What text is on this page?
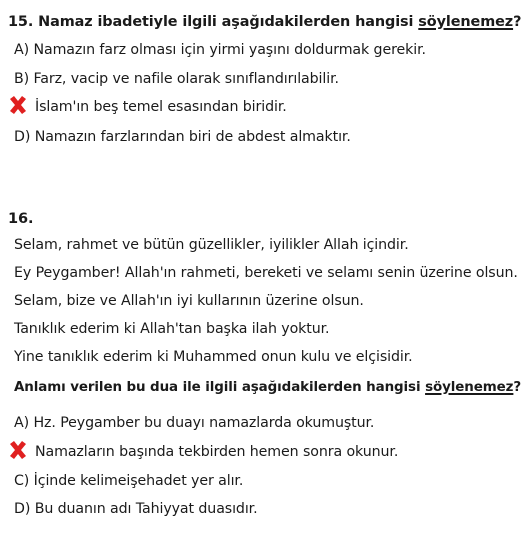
15. Namaz ibadetiyle ilgili aşağıdakilerden hangisi söylenemez?
A) Namazın farz olması için yirmi yaşını doldurmak gerekir.
B) Farz, vacip ve nafile olarak sınıflandırılabilir.
İslam'ın beş temel esasından biridir.
D) Namazın farzlarından biri de abdest almaktır.
16.
Selam, rahmet ve bütün güzellikler, iyilikler Allah içindir.
Ey Peygamber! Allah'ın rahmeti, bereketi ve selamı senin üzerine olsun.
Selam, bize ve Allah'ın iyi kullarının üzerine olsun.
Tanıklık ederim ki Allah'tan başka ilah yoktur.
Yine tanıklık ederim ki Muhammed onun kulu ve elçisidir.
Anlamı verilen bu dua ile ilgili aşağıdakilerden hangisi söylenemez?
A) Hz. Peygamber bu duayı namazlarda okumuştur.
Namazların başında tekbirden hemen sonra okunur.
C) İçinde kelimeişehadet yer alır.
D) Bu duanın adı Tahiyyat duasıdır.
